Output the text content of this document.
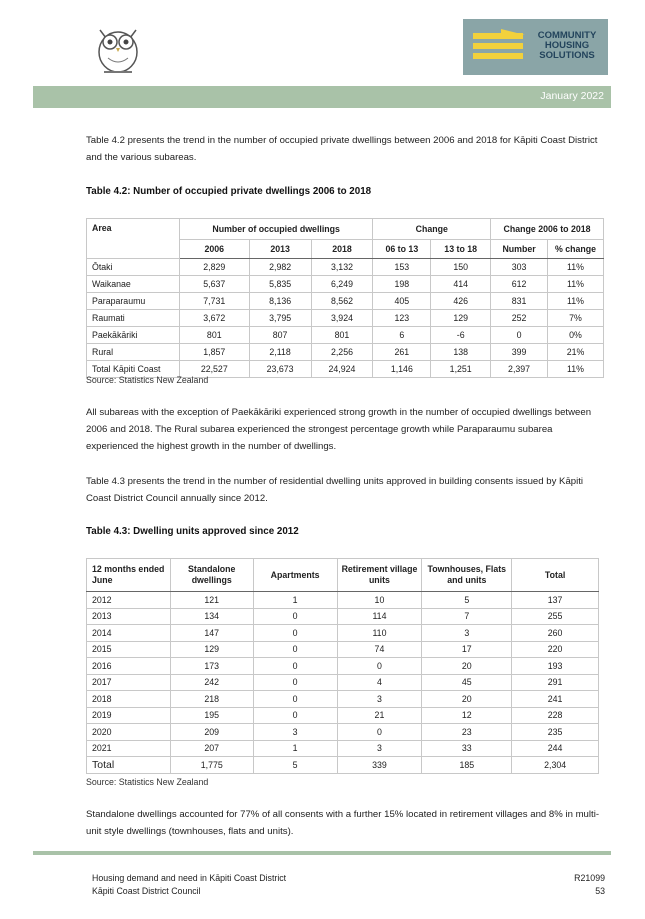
COMMUNITY
HOUSING
SOLUTIONS
January 2022
Table 4.2 presents the trend in the number of occupied private dwellings between 2006 and 2018 for Kāpiti Coast District and the various subareas.
Table 4.2: Number of occupied private dwellings 2006 to 2018
Area	Number of occupied dwellings			Change		Change 2006 to 2018	
	2006	2013	2018	06 to 13	13 to 18	Number	% change
Ōtaki	2,829	2,982	3,132	153	150	303	11%
Waikanae	5,637	5,835	6,249	198	414	612	11%
Paraparaumu	7,731	8,136	8,562	405	426	831	11%
Raumati	3,672	3,795	3,924	123	129	252	7%
Paekākāriki	801	807	801	6	-6	0	0%
Rural	1,857	2,118	2,256	261	138	399	21%
Total Kāpiti Coast	22,527	23,673	24,924	1,146	1,251	2,397	11%
Source: Statistics New Zealand
All subareas with the exception of Paekākāriki experienced strong growth in the number of occupied dwellings between 2006 and 2018. The Rural subarea experienced the strongest percentage growth while Paraparaumu subarea experienced the highest growth in the number of dwellings.
Table 4.3 presents the trend in the number of residential dwelling units approved in building consents issued by Kāpiti Coast District Council annually since 2012.
Table 4.3: Dwelling units approved since 2012
12 months ended June	Standalone dwellings	Apartments	Retirement village units	Townhouses, Flats and units	Total
2012	121	1	10	5	137
2013	134	0	114	7	255
2014	147	0	110	3	260
2015	129	0	74	17	220
2016	173	0	0	20	193
2017	242	0	4	45	291
2018	218	0	3	20	241
2019	195	0	21	12	228
2020	209	3	0	23	235
2021	207	1	3	33	244
Total	1,775	5	339	185	2,304
Source: Statistics New Zealand
Standalone dwellings accounted for 77% of all consents with a further 15% located in retirement villages and 8% in multi-unit style dwellings (townhouses, flats and units).
Housing demand and need in Kāpiti Coast District
Kāpiti Coast District Council
R21099
53
